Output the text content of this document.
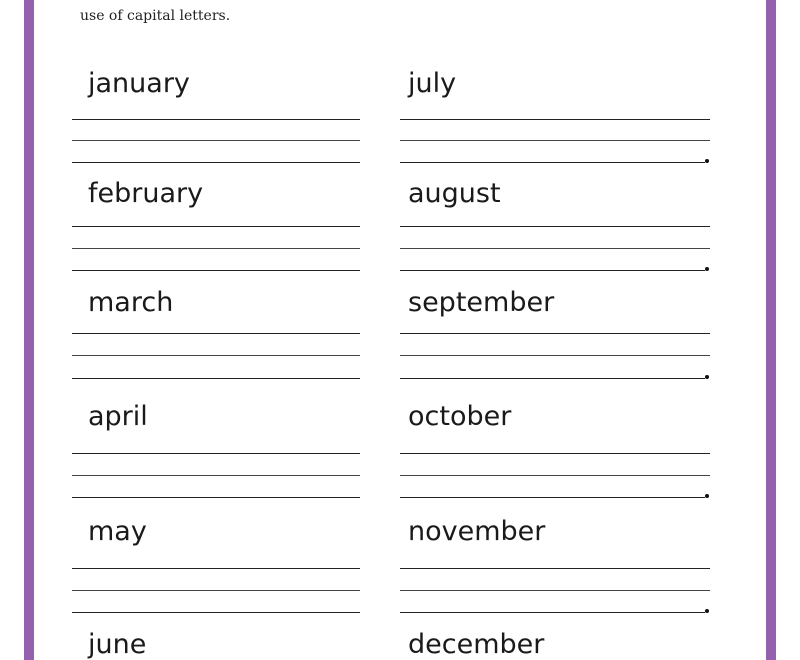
use of capital letters.
january
february
march
april
may
june
july
august
september
october
november
december
